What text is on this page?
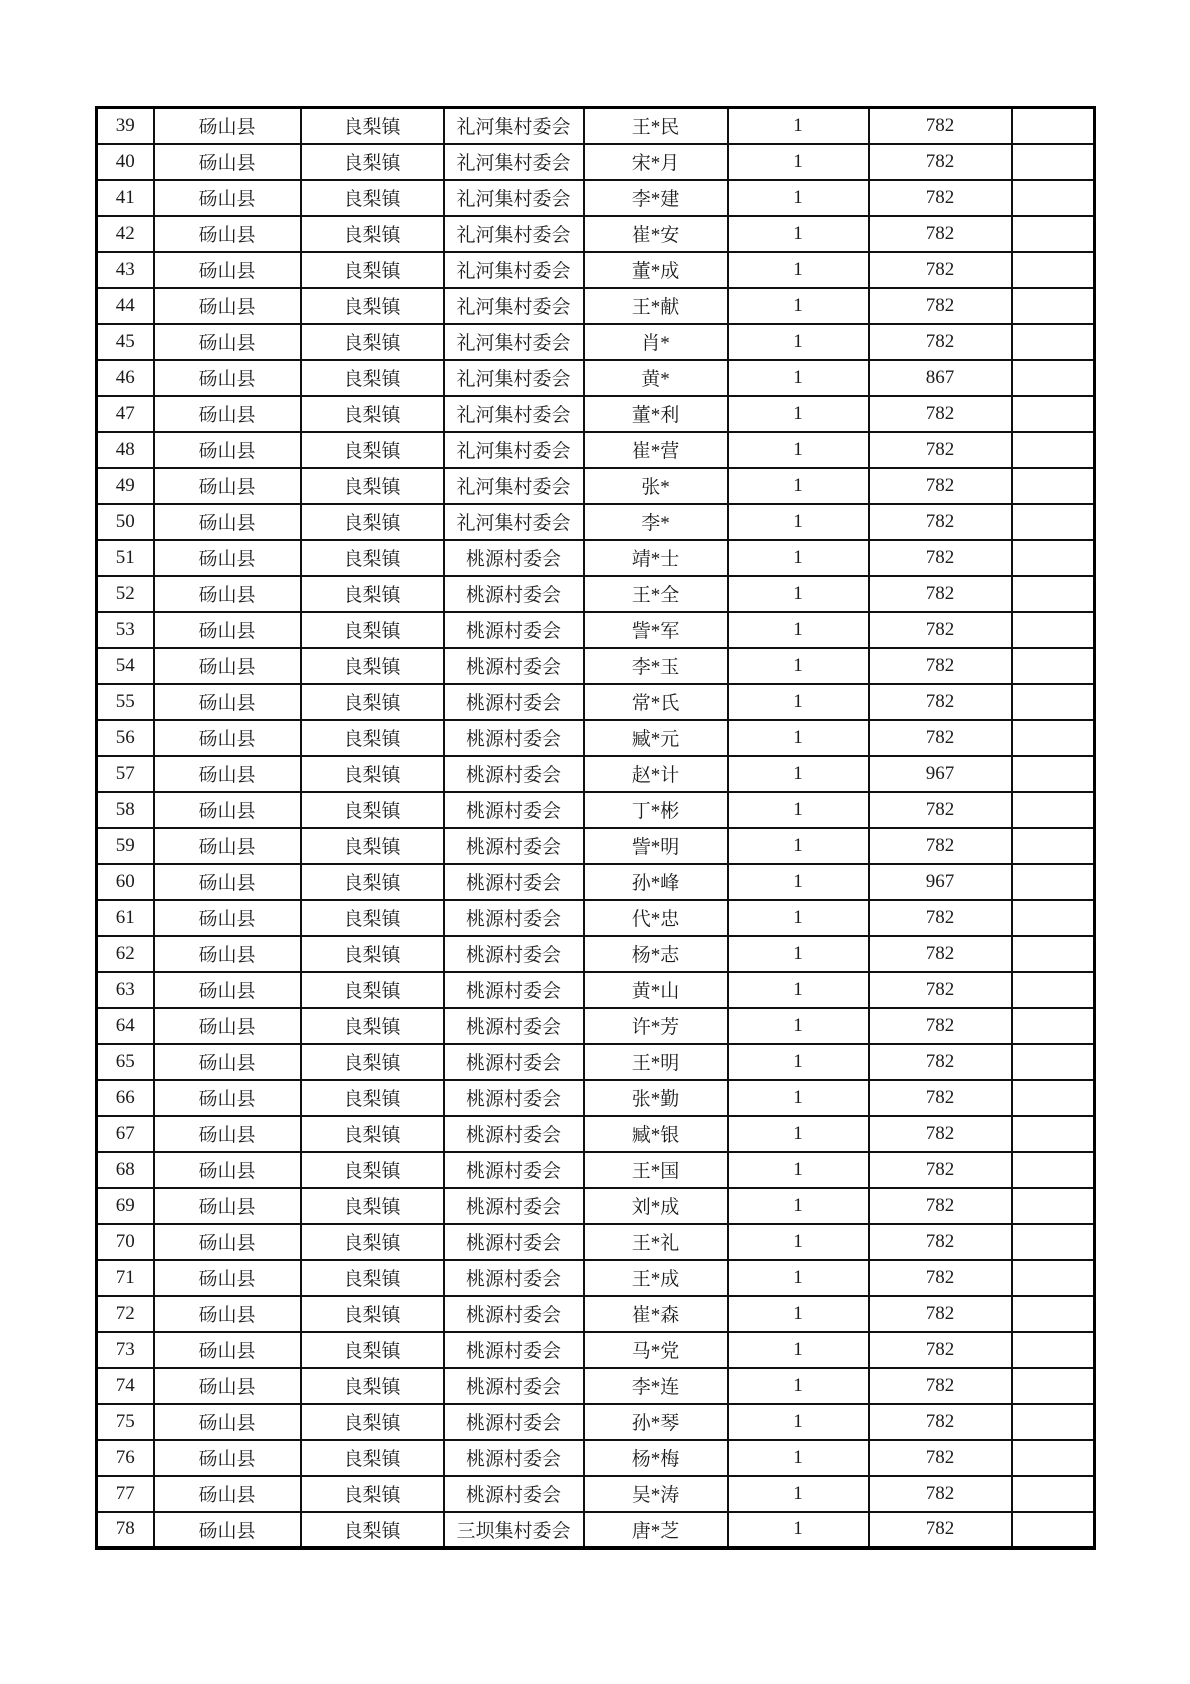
39	砀山县	良梨镇	礼河集村委会	王*民	1	782	
40	砀山县	良梨镇	礼河集村委会	宋*月	1	782	
41	砀山县	良梨镇	礼河集村委会	李*建	1	782	
42	砀山县	良梨镇	礼河集村委会	崔*安	1	782	
43	砀山县	良梨镇	礼河集村委会	董*成	1	782	
44	砀山县	良梨镇	礼河集村委会	王*献	1	782	
45	砀山县	良梨镇	礼河集村委会	肖*	1	782	
46	砀山县	良梨镇	礼河集村委会	黄*	1	867	
47	砀山县	良梨镇	礼河集村委会	董*利	1	782	
48	砀山县	良梨镇	礼河集村委会	崔*营	1	782	
49	砀山县	良梨镇	礼河集村委会	张*	1	782	
50	砀山县	良梨镇	礼河集村委会	李*	1	782	
51	砀山县	良梨镇	桃源村委会	靖*士	1	782	
52	砀山县	良梨镇	桃源村委会	王*全	1	782	
53	砀山县	良梨镇	桃源村委会	訾*军	1	782	
54	砀山县	良梨镇	桃源村委会	李*玉	1	782	
55	砀山县	良梨镇	桃源村委会	常*氏	1	782	
56	砀山县	良梨镇	桃源村委会	臧*元	1	782	
57	砀山县	良梨镇	桃源村委会	赵*计	1	967	
58	砀山县	良梨镇	桃源村委会	丁*彬	1	782	
59	砀山县	良梨镇	桃源村委会	訾*明	1	782	
60	砀山县	良梨镇	桃源村委会	孙*峰	1	967	
61	砀山县	良梨镇	桃源村委会	代*忠	1	782	
62	砀山县	良梨镇	桃源村委会	杨*志	1	782	
63	砀山县	良梨镇	桃源村委会	黄*山	1	782	
64	砀山县	良梨镇	桃源村委会	许*芳	1	782	
65	砀山县	良梨镇	桃源村委会	王*明	1	782	
66	砀山县	良梨镇	桃源村委会	张*勤	1	782	
67	砀山县	良梨镇	桃源村委会	臧*银	1	782	
68	砀山县	良梨镇	桃源村委会	王*国	1	782	
69	砀山县	良梨镇	桃源村委会	刘*成	1	782	
70	砀山县	良梨镇	桃源村委会	王*礼	1	782	
71	砀山县	良梨镇	桃源村委会	王*成	1	782	
72	砀山县	良梨镇	桃源村委会	崔*森	1	782	
73	砀山县	良梨镇	桃源村委会	马*党	1	782	
74	砀山县	良梨镇	桃源村委会	李*连	1	782	
75	砀山县	良梨镇	桃源村委会	孙*琴	1	782	
76	砀山县	良梨镇	桃源村委会	杨*梅	1	782	
77	砀山县	良梨镇	桃源村委会	吴*涛	1	782	
78	砀山县	良梨镇	三坝集村委会	唐*芝	1	782	
